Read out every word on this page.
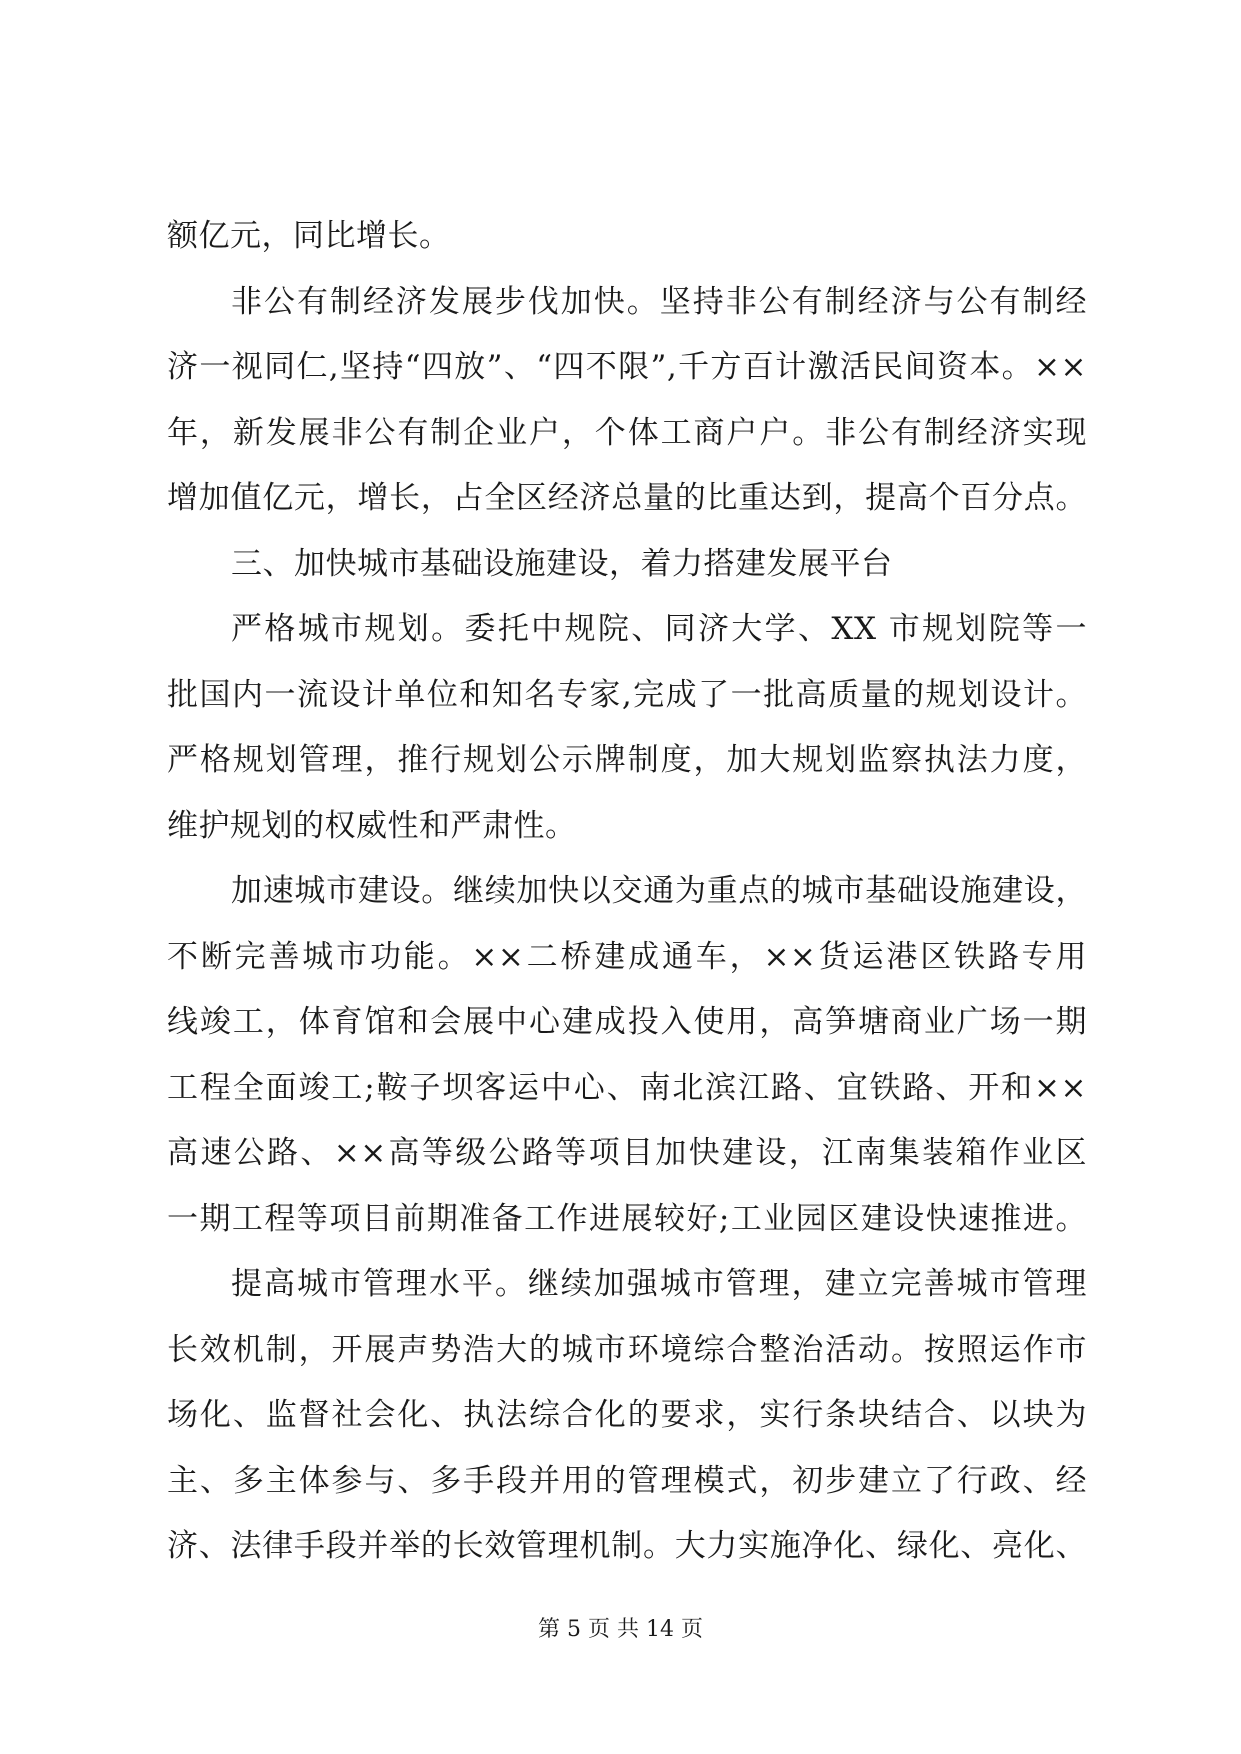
额亿元，同比增长。
非公有制经济发展步伐加快。坚持非公有制经济与公有制经
济一视同仁,坚持“四放”、“四不限”,千方百计激活民间资本。××
年，新发展非公有制企业户，个体工商户户。非公有制经济实现
增加值亿元，增长，占全区经济总量的比重达到，提高个百分点。
三、加快城市基础设施建设，着力搭建发展平台
严格城市规划。委托中规院、同济大学、XX 市规划院等一
批国内一流设计单位和知名专家,完成了一批高质量的规划设计。
严格规划管理，推行规划公示牌制度，加大规划监察执法力度，
维护规划的权威性和严肃性。
加速城市建设。继续加快以交通为重点的城市基础设施建设，
不断完善城市功能。××二桥建成通车，××货运港区铁路专用
线竣工，体育馆和会展中心建成投入使用，高笋塘商业广场一期
工程全面竣工;鞍子坝客运中心、南北滨江路、宜铁路、开和××
高速公路、××高等级公路等项目加快建设，江南集装箱作业区
一期工程等项目前期准备工作进展较好;工业园区建设快速推进。
提高城市管理水平。继续加强城市管理，建立完善城市管理
长效机制，开展声势浩大的城市环境综合整治活动。按照运作市
场化、监督社会化、执法综合化的要求，实行条块结合、以块为
主、多主体参与、多手段并用的管理模式，初步建立了行政、经
济、法律手段并举的长效管理机制。大力实施净化、绿化、亮化、
第 5 页 共 14 页
